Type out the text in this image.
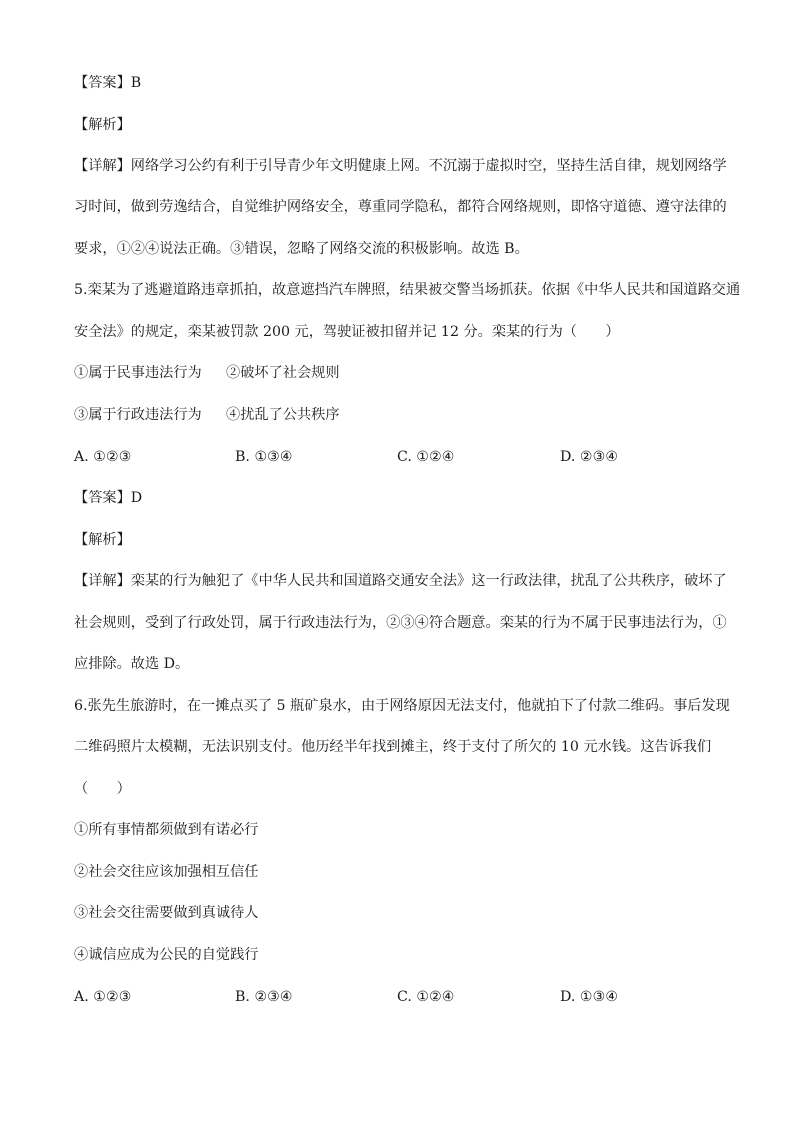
【答案】B
【解析】
【详解】网络学习公约有利于引导青少年文明健康上网。不沉溺于虚拟时空，坚持生活自律，规划网络学
习时间，做到劳逸结合，自觉维护网络安全，尊重同学隐私，都符合网络规则，即恪守道德、遵守法律的
要求，①②④说法正确。③错误，忽略了网络交流的积极影响。故选 B。
5.栾某为了逃避道路违章抓拍，故意遮挡汽车牌照，结果被交警当场抓获。依据《中华人民共和国道路交通
安全法》的规定，栾某被罚款 200 元，驾驶证被扣留并记 12 分。栾某的行为（　　）
①属于民事违法行为 ②破坏了社会规则
③属于行政违法行为 ④扰乱了公共秩序
A. ①②③	B. ①③④	C. ①②④	D. ②③④
【答案】D
【解析】
【详解】栾某的行为触犯了《中华人民共和国道路交通安全法》这一行政法律，扰乱了公共秩序，破坏了
社会规则，受到了行政处罚，属于行政违法行为，②③④符合题意。栾某的行为不属于民事违法行为，①
应排除。故选 D。
6.张先生旅游时，在一摊点买了 5 瓶矿泉水，由于网络原因无法支付，他就拍下了付款二维码。事后发现
二维码照片太模糊，无法识别支付。他历经半年找到摊主，终于支付了所欠的 10 元水钱。这告诉我们
（　　）
①所有事情都须做到有诺必行
②社会交往应该加强相互信任
③社会交往需要做到真诚待人
④诚信应成为公民的自觉践行
A. ①②③	B. ②③④	C. ①②④	D. ①③④
